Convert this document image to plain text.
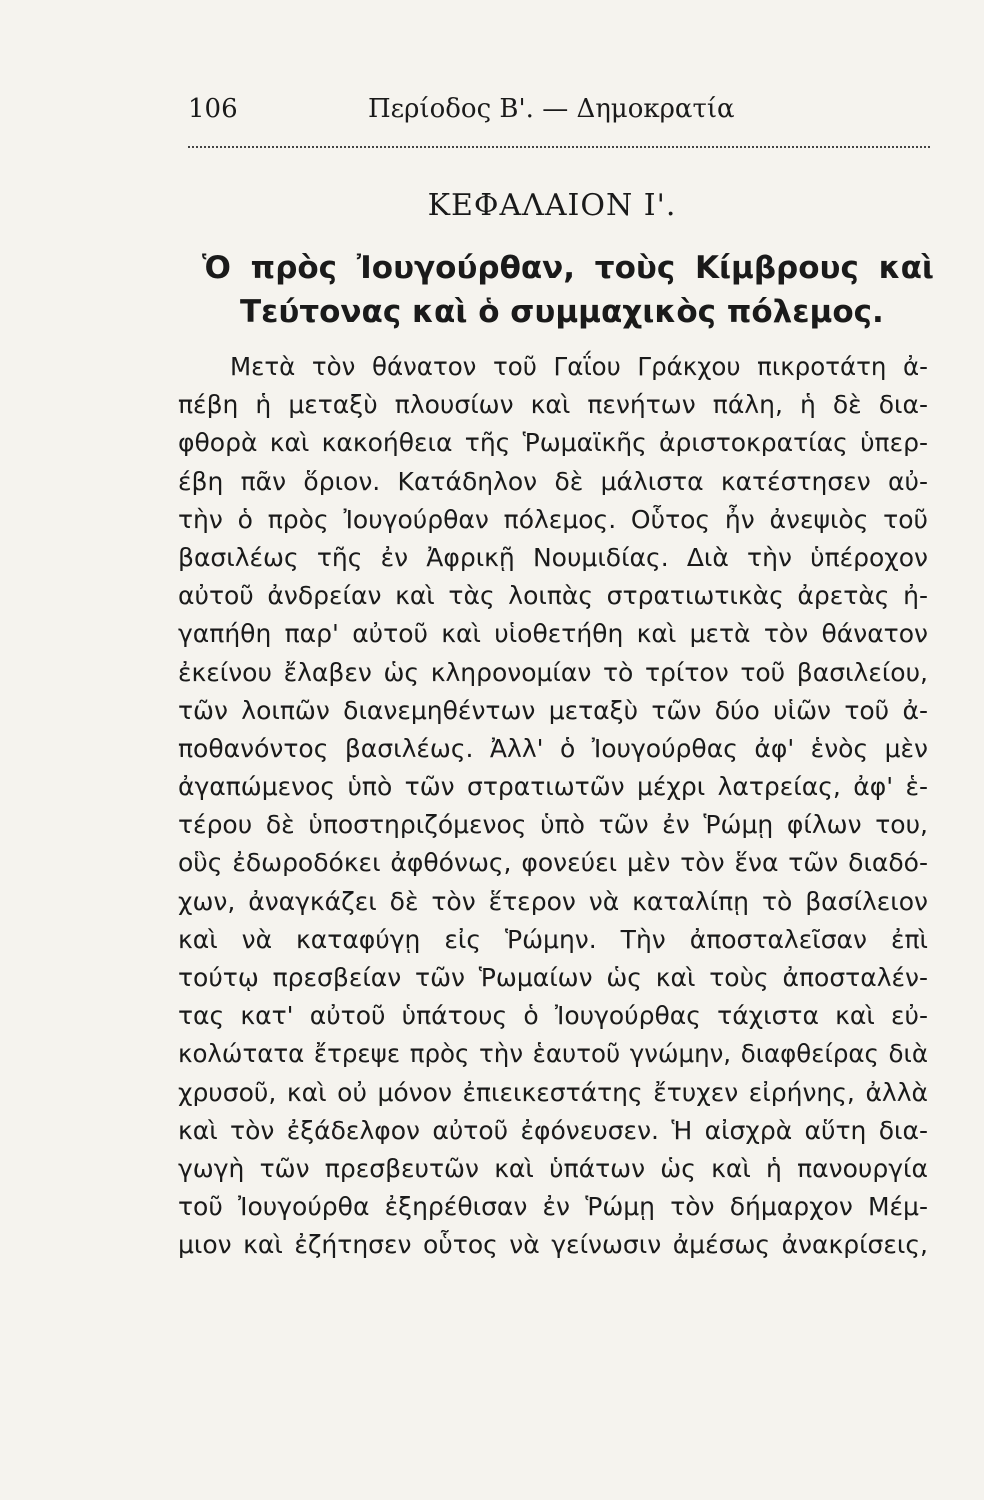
106	Περίοδος Β'. — Δημοκρατία
ΚΕΦΑΛΑΙΟΝ Ι'.
Ὁ πρὸς Ἰουγούρθαν, τοὺς Κίμβρους καὶ
Τεύτονας καὶ ὁ συμμαχικὸς πόλεμος.
Μετὰ τὸν θάνατον τοῦ Γαΐου Γράκχου πικροτάτη ἀ-
πέβη ἡ μεταξὺ πλουσίων καὶ πενήτων πάλη, ἡ δὲ δια-
φθορὰ καὶ κακοήθεια τῆς Ῥωμαϊκῆς ἀριστοκρατίας ὑπερ-
έβη πᾶν ὅριον. Κατάδηλον δὲ μάλιστα κατέστησεν αὐ-
τὴν ὁ πρὸς Ἰουγούρθαν πόλεμος. Οὗτος ἦν ἀνεψιὸς τοῦ
βασιλέως τῆς ἐν Ἀφρικῇ Νουμιδίας. Διὰ τὴν ὑπέροχον
αὐτοῦ ἀνδρείαν καὶ τὰς λοιπὰς στρατιωτικὰς ἀρετὰς ἠ-
γαπήθη παρ' αὐτοῦ καὶ υἱοθετήθη καὶ μετὰ τὸν θάνατον
ἐκείνου ἔλαβεν ὡς κληρονομίαν τὸ τρίτον τοῦ βασιλείου,
τῶν λοιπῶν διανεμηθέντων μεταξὺ τῶν δύο υἱῶν τοῦ ἀ-
ποθανόντος βασιλέως. Ἀλλ' ὁ Ἰουγούρθας ἀφ' ἑνὸς μὲν
ἀγαπώμενος ὑπὸ τῶν στρατιωτῶν μέχρι λατρείας, ἀφ' ἑ-
τέρου δὲ ὑποστηριζόμενος ὑπὸ τῶν ἐν Ῥώμῃ φίλων του,
οὓς ἐδωροδόκει ἀφθόνως, φονεύει μὲν τὸν ἕνα τῶν διαδό-
χων, ἀναγκάζει δὲ τὸν ἕτερον νὰ καταλίπῃ τὸ βασίλειον
καὶ νὰ καταφύγῃ εἰς Ῥώμην. Τὴν ἀποσταλεῖσαν ἐπὶ
τούτῳ πρεσβείαν τῶν Ῥωμαίων ὡς καὶ τοὺς ἀποσταλέν-
τας κατ' αὐτοῦ ὑπάτους ὁ Ἰουγούρθας τάχιστα καὶ εὐ-
κολώτατα ἔτρεψε πρὸς τὴν ἑαυτοῦ γνώμην, διαφθείρας διὰ
χρυσοῦ, καὶ οὐ μόνον ἐπιεικεστάτης ἔτυχεν εἰρήνης, ἀλλὰ
καὶ τὸν ἐξάδελφον αὐτοῦ ἐφόνευσεν. Ἡ αἰσχρὰ αὕτη δια-
γωγὴ τῶν πρεσβευτῶν καὶ ὑπάτων ὡς καὶ ἡ πανουργία
τοῦ Ἰουγούρθα ἐξηρέθισαν ἐν Ῥώμῃ τὸν δήμαρχον Μέμ-
μιον καὶ ἐζήτησεν οὗτος νὰ γείνωσιν ἀμέσως ἀνακρίσεις,
